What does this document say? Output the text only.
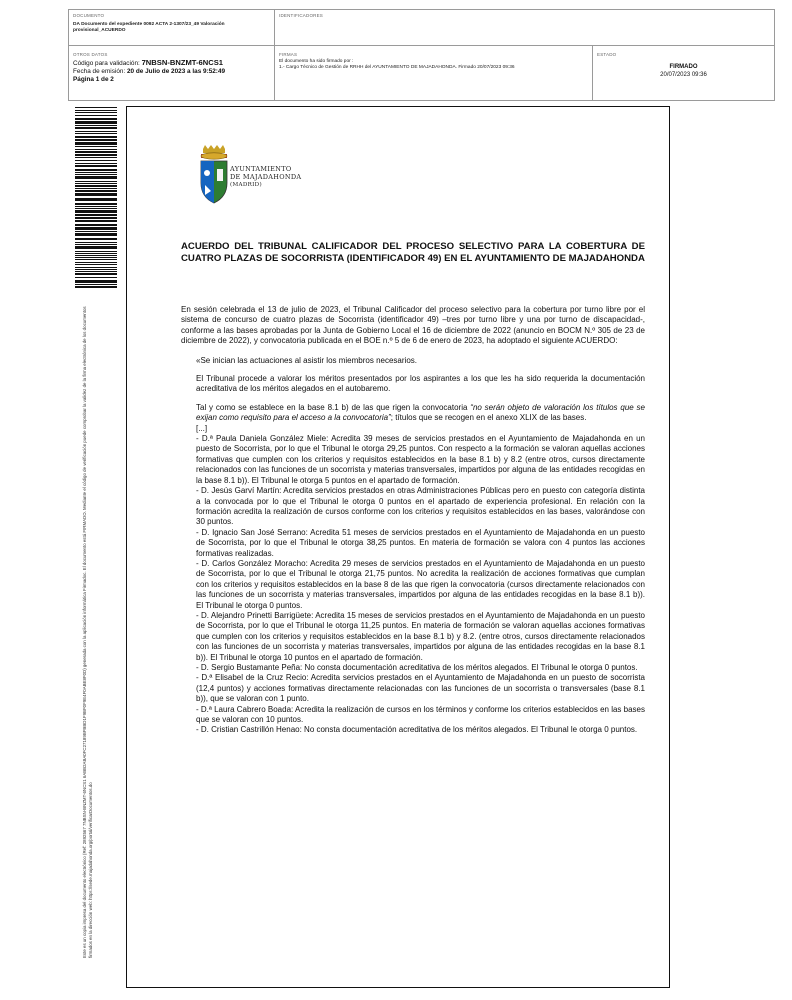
DOCUMENTO
DA Documento del expediente 0092 ACTA 2-1307/23_49 Valoración provisional_ACUERDO
IDENTIFICADORES
OTROS DATOS
Código para validación: 7NBSN-BNZMT-6NCS1
Fecha de emisión: 20 de Julio de 2023 a las 9:52:49
Página 1 de 2
FIRMAS
El documento ha sido firmado por :
1.- Cargo Técnico de Gestión de RRHH del AYUNTAMIENTO DE MAJADAHONDA. Firmado 20/07/2023 09:36
ESTADO
FIRMADO
20/07/2023 09:36
Este es un copia impresa del documento electrónico (Ref: 2892567 7NBSN-BNZMT-6NCS1 6ABB2ABA0FC27189BFBBD1F9BF0F9E4F0ABE8F0D) generada con la aplicación informática Firmadoc. El documento está FIRMADO. Mediante el código de verificación puede comprobar la validez de la firma electrónica de los documentos firmados en la dirección web: https://sede.majadahonda.org/portal/verificarDocumentos.do
AYUNTAMIENTO
DE MAJADAHONDA
(MADRID)
ACUERDO DEL TRIBUNAL CALIFICADOR DEL PROCESO SELECTIVO PARA LA COBERTURA DE CUATRO PLAZAS DE SOCORRISTA (IDENTIFICADOR 49) EN EL AYUNTAMIENTO DE MAJADAHONDA

En sesión celebrada el 13 de julio de 2023, el Tribunal Calificador del proceso selectivo para la cobertura por turno libre por el sistema de concurso de cuatro plazas de Socorrista (identificador 49) –tres por turno libre y una por turno de discapacidad-, conforme a las bases aprobadas por la Junta de Gobierno Local el 16 de diciembre de 2022 (anuncio en BOCM N.º 305 de 23 de diciembre de 2022), y convocatoria publicada en el BOE n.º 5 de 6 de enero de 2023, ha adoptado el siguiente ACUERDO:

«Se inician las actuaciones al asistir los miembros necesarios.

El Tribunal procede a valorar los méritos presentados por los aspirantes a los que les ha sido requerida la documentación acreditativa de los méritos alegados en el autobaremo.

Tal y como se establece en la base 8.1 b) de las que rigen la convocatoria “no serán objeto de valoración los títulos que se exijan como requisito para el acceso a la convocatoria”; títulos que se recogen en el anexo XLIX de las bases.

[...]

- D.ª Paula Daniela González Miele: Acredita 39 meses de servicios prestados en el Ayuntamiento de Majadahonda en un puesto de Socorrista, por lo que el Tribunal le otorga 29,25 puntos. Con respecto a la formación se valoran aquellas acciones formativas que cumplen con los criterios y requisitos establecidos en la base 8.1 b) y 8.2 (entre otros, cursos directamente relacionados con las funciones de un socorrista y materias transversales, impartidos por alguna de las entidades recogidas en la base 8.1 b)). El Tribunal le otorga 5 puntos en el apartado de formación.

- D. Jesús Garví Martín: Acredita servicios prestados en otras Administraciones Públicas pero en puesto con categoría distinta a la convocada por lo que el Tribunal le otorga 0 puntos en el apartado de experiencia profesional. En relación con la formación acredita la realización de cursos conforme con los criterios y requisitos establecidos en las bases, valorándose con 30 puntos.

- D. Ignacio San José Serrano: Acredita 51 meses de servicios prestados en el Ayuntamiento de Majadahonda en un puesto de Socorrista, por lo que el Tribunal le otorga 38,25 puntos. En materia de formación se valora con 4 puntos las acciones formativas realizadas.

- D. Carlos González Moracho: Acredita 29 meses de servicios prestados en el Ayuntamiento de Majadahonda en un puesto de Socorrista, por lo que el Tribunal le otorga 21,75 puntos. No acredita la realización de acciones formativas que cumplan con los criterios y requisitos establecidos en la base 8 de las que rigen la convocatoria (cursos directamente relacionados con las funciones de un socorrista y materias transversales, impartidos por alguna de las entidades recogidas en la base 8.1 b)). El Tribunal le otorga 0 puntos.

- D. Alejandro Prinetti Barrigüete: Acredita 15 meses de servicios prestados en el Ayuntamiento de Majadahonda en un puesto de Socorrista, por lo que el Tribunal le otorga 11,25 puntos. En materia de formación se valoran aquellas acciones formativas que cumplen con los criterios y requisitos establecidos en la base 8.1 b) y 8.2. (entre otros, cursos directamente relacionados con las funciones de un socorrista y materias transversales, impartidos por alguna de las entidades recogidas en la base 8.1 b)). El Tribunal le otorga 10 puntos en el apartado de formación.

- D. Sergio Bustamante Peña: No consta documentación acreditativa de los méritos alegados. El Tribunal le otorga 0 puntos.

- D.ª Elisabel de la Cruz Recio: Acredita servicios prestados en el Ayuntamiento de Majadahonda en un puesto de socorrista (12,4 puntos) y acciones formativas directamente relacionadas con las funciones de un socorrista o transversales (base 8.1 b)), que se valoran con 1 punto.

- D.ª Laura Cabrero Boada: Acredita la realización de cursos en los términos y conforme los criterios establecidos en las bases que se valoran con 10 puntos.

- D. Cristian Castrillón Henao: No consta documentación acreditativa de los méritos alegados. El Tribunal le otorga 0 puntos.
